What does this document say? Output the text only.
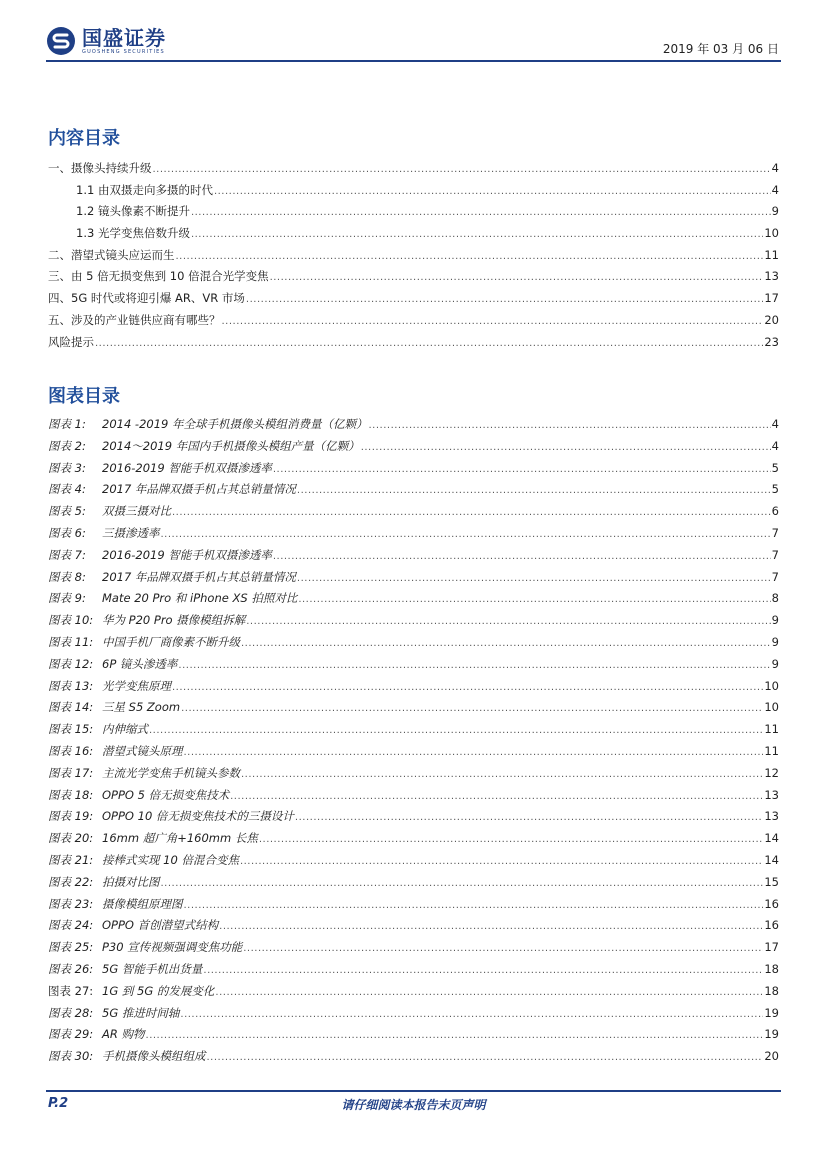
国盛证券
GUOSHENG SECURITIES	2019 年 03 月 06 日
内容目录
一、摄像头持续升级 .....	4
1.1 由双摄走向多摄的时代 .....	4
1.2 镜头像素不断提升 .....	9
1.3 光学变焦倍数升级 .....	10
二、潜望式镜头应运而生 .....	11
三、由 5 倍无损变焦到 10 倍混合光学变焦 .....	13
四、5G 时代或将迎引爆 AR、VR 市场 .....	17
五、涉及的产业链供应商有哪些？ .....	20
风险提示 .....	23
图表目录
图表 1: 2014 -2019 年全球手机摄像头模组消费量（亿颗） .....	4
图表 2: 2014～2019 年国内手机摄像头模组产量（亿颗） .....	4
图表 3: 2016-2019 智能手机双摄渗透率 .....	5
图表 4: 2017 年品牌双摄手机占其总销量情况 .....	5
图表 5: 双摄三摄对比 .....	6
图表 6: 三摄渗透率 .....	7
图表 7: 2016-2019 智能手机双摄渗透率 .....	7
图表 8: 2017 年品牌双摄手机占其总销量情况 .....	7
图表 9: Mate 20 Pro 和 iPhone XS 拍照对比 .....	8
图表 10: 华为 P20 Pro 摄像模组拆解 .....	9
图表 11: 中国手机厂商像素不断升级 .....	9
图表 12: 6P 镜头渗透率 .....	9
图表 13: 光学变焦原理 .....	10
图表 14: 三星 S5 Zoom .....	10
图表 15: 内伸缩式 .....	11
图表 16: 潜望式镜头原理 .....	11
图表 17: 主流光学变焦手机镜头参数 .....	12
图表 18: OPPO 5 倍无损变焦技术 .....	13
图表 19: OPPO 10 倍无损变焦技术的三摄设计 .....	13
图表 20: 16mm 超广角+160mm 长焦 .....	14
图表 21: 接棒式实现 10 倍混合变焦 .....	14
图表 22: 拍摄对比图 .....	15
图表 23: 摄像模组原理图 .....	16
图表 24: OPPO 首创潜望式结构 .....	16
图表 25: P30 宣传视频强调变焦功能 .....	17
图表 26: 5G 智能手机出货量 .....	18
图表 27: 1G 到 5G 的发展变化 .....	18
图表 28: 5G 推进时间轴 .....	19
图表 29: AR 购物 .....	19
图表 30: 手机摄像头模组组成 .....	20
P.2	请仔细阅读本报告末页声明
